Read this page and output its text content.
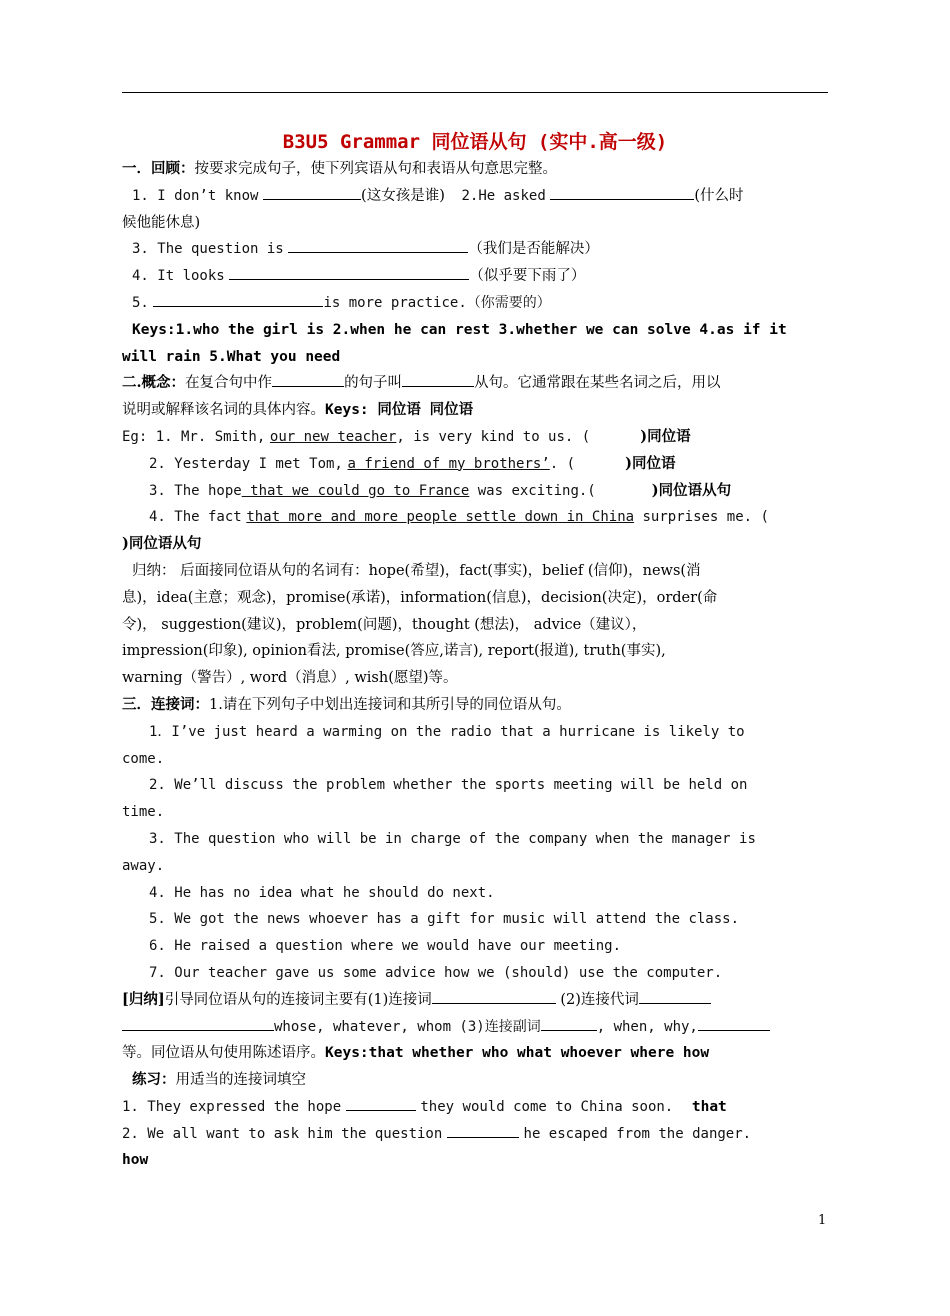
B3U5 Grammar 同位语从句 (实中.高一级)
一．回顾：按要求完成句子，使下列宾语从句和表语从句意思完整。
1. I don’t know	(这女孩是谁) 2.He asked	(什么时
候他能休息)
3. The question is	（我们是否能解决）
4. It looks	（似乎要下雨了）
5.	is more practice.（你需要的）
Keys:1.who the girl is 2.when he can rest 3.whether we can solve 4.as if it
will rain 5.What you need
二.概念：在复合句中作	的句子叫	从句。它通常跟在某些名词之后，用以
说明或解释该名词的具体内容。Keys: 同位语 同位语
Eg: 1. Mr. Smith, our new teacher, is very kind to us. (	)同位语
2. Yesterday I met Tom, a friend of my brothers’. (	)同位语
3. The hope that we could go to France was exciting.(	)同位语从句
4. The fact that more and more people settle down in China surprises me. (
)同位语从句
归纳： 后面接同位语从句的名词有：hope(希望)，fact(事实)，belief (信仰)，news(消
息)，idea(主意；观念)，promise(承诺)，information(信息)，decision(决定)，order(命
令)， suggestion(建议)，problem(问题)，thought (想法)， advice（建议），
impression(印象), opinion看法, promise(答应,诺言), report(报道), truth(事实),
warning（警告）, word（消息）, wish(愿望)等。
三．连接词：1.请在下列句子中划出连接词和其所引导的同位语从句。
1．I’ve just heard a warming on the radio that a hurricane is likely to
come.
2. We’ll discuss the problem whether the sports meeting will be held on
time.
3. The question who will be in charge of the company when the manager is
away.
4. He has no idea what he should do next.
5. We got the news whoever has a gift for music will attend the class.
6. He raised a question where we would have our meeting.
7. Our teacher gave us some advice how we (should) use the computer.
[归纳]引导同位语从句的连接词主要有(1)连接词	(2)连接代词
whose, whatever, whom (3)连接副词	, when, why,
等。同位语从句使用陈述语序。Keys:that whether who what whoever where how
练习：用适当的连接词填空
1. They expressed the hope	they would come to China soon. that
2. We all want to ask him the question	he escaped from the danger.
how
1
